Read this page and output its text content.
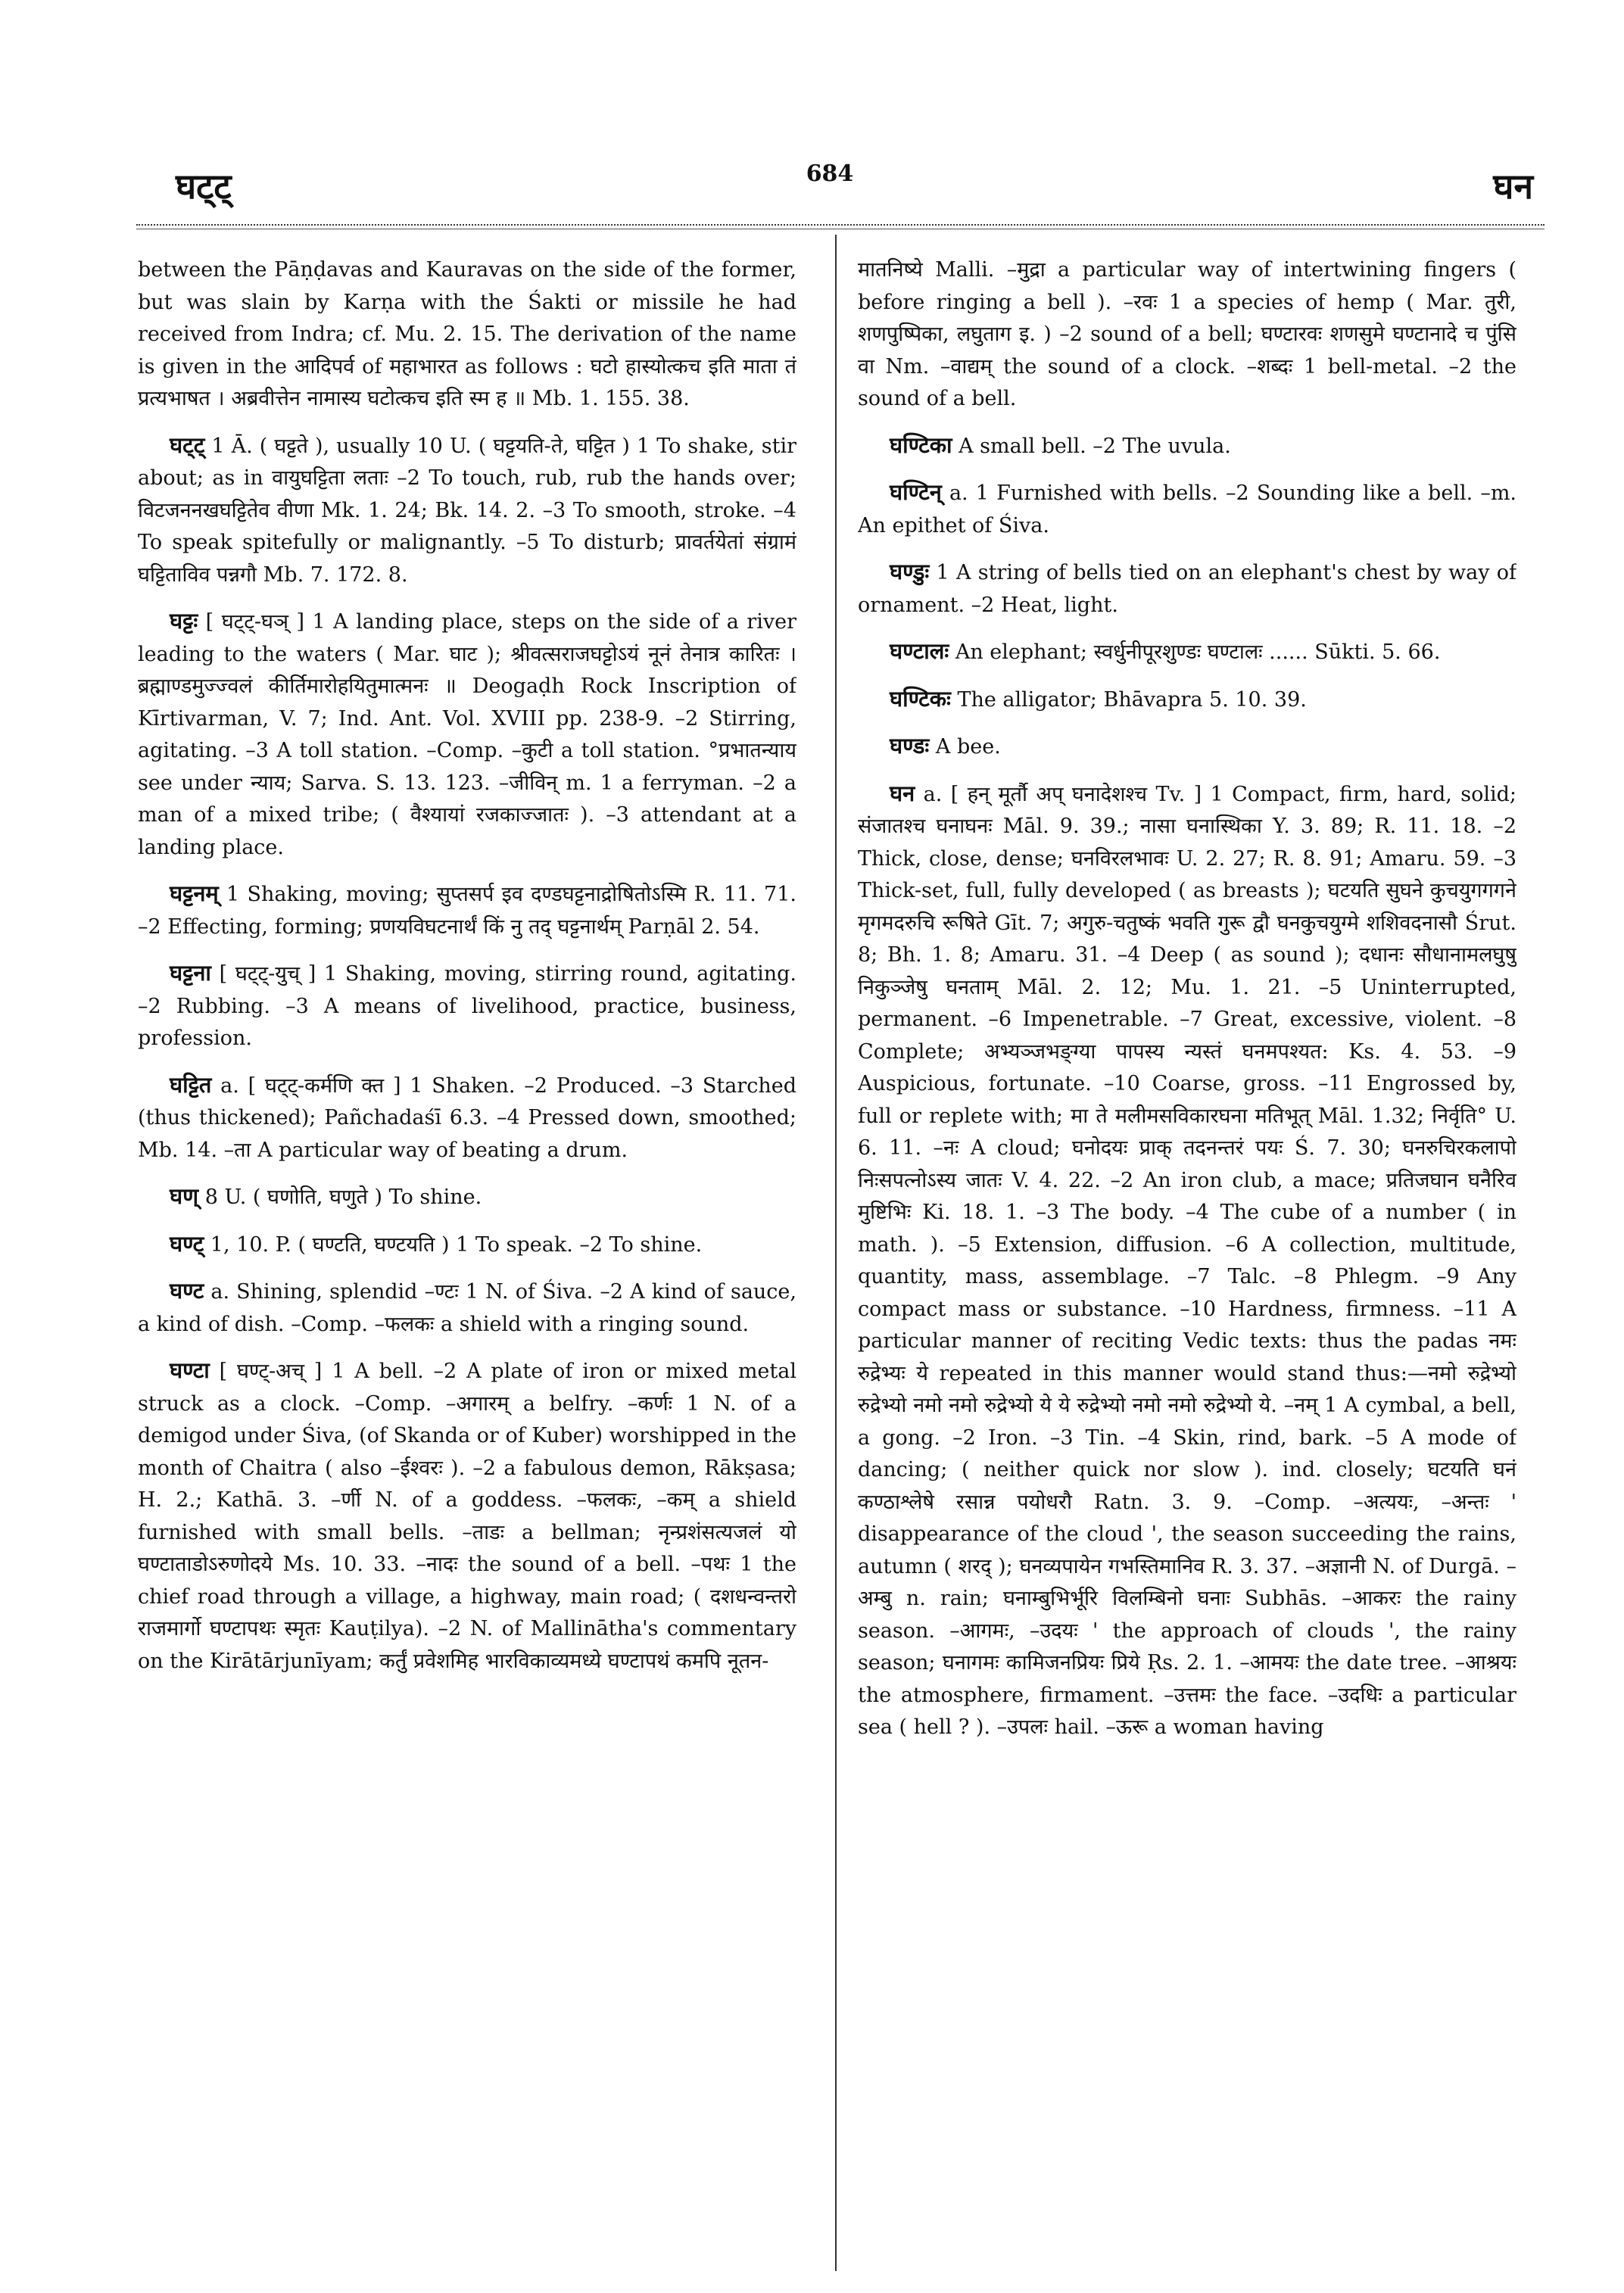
घट्ट्	684	घन

between the Pāṇḍavas and Kauravas on the side of the former, but was slain by Karṇa with the Śakti or missile he had received from Indra; cf. Mu. 2. 15. The derivation of the name is given in the आदिपर्व of महाभारत as follows : घटो हास्योत्कच इति माता तं प्रत्यभाषत । अब्रवीत्तेन नामास्य घटोत्कच इति स्म ह ॥ Mb. 1. 155. 38.

घट्ट् 1 Ā. ( घट्टते ), usually 10 U. ( घट्टयति-ते, घट्टित ) 1 To shake, stir about; as in वायुघट्टिता लताः –2 To touch, rub, rub the hands over; विटजननखघट्टितेव वीणा Mk. 1. 24; Bk. 14. 2. –3 To smooth, stroke. –4 To speak spitefully or malignantly. –5 To disturb; प्रावर्तयेतां संग्रामं घट्टिताविव पन्नगौ Mb. 7. 172. 8.

घट्टः [ घट्ट्-घञ् ] 1 A landing place, steps on the side of a river leading to the waters ( Mar. घाट ); श्रीवत्सराजघट्टोऽयं नूनं तेनात्र कारितः । ब्रह्माण्डमुज्ज्वलं कीर्तिमारोहयितुमात्मनः ॥ Deogaḍh Rock Inscription of Kīrtivarman, V. 7; Ind. Ant. Vol. XVIII pp. 238-9. –2 Stirring, agitating. –3 A toll station. –Comp. –कुटी a toll station. °प्रभातन्याय see under न्याय; Sarva. S. 13. 123. –जीविन् m. 1 a ferryman. –2 a man of a mixed tribe; ( वैश्यायां रजकाज्जातः ). –3 attendant at a landing place.

घट्टनम् 1 Shaking, moving; सुप्तसर्प इव दण्डघट्टनाद्रोषितोऽस्मि R. 11. 71. –2 Effecting, forming; प्रणयविघटनार्थं किं नु तद् घट्टनार्थम् Parṇāl 2. 54.

घट्टना [ घट्ट्-युच् ] 1 Shaking, moving, stirring round, agitating. –2 Rubbing. –3 A means of livelihood, practice, business, profession.

घट्टित a. [ घट्ट्-कर्मणि क्त ] 1 Shaken. –2 Produced. –3 Starched (thus thickened); Pañchadaśī 6.3. –4 Pressed down, smoothed; Mb. 14. –ता A particular way of beating a drum.

घण् 8 U. ( घणोति, घणुते ) To shine.

घण्ट् 1, 10. P. ( घण्टति, घण्टयति ) 1 To speak. –2 To shine.

घण्ट a. Shining, splendid –ण्टः 1 N. of Śiva. –2 A kind of sauce, a kind of dish. –Comp. –फलकः a shield with a ringing sound.

घण्टा [ घण्ट्-अच् ] 1 A bell. –2 A plate of iron or mixed metal struck as a clock. –Comp. –अगारम् a belfry. –कर्णः 1 N. of a demigod under Śiva, (of Skanda or of Kuber) worshipped in the month of Chaitra ( also –ईश्वरः ). –2 a fabulous demon, Rākṣasa; H. 2.; Kathā. 3. –र्णी N. of a goddess. –फलकः, –कम् a shield furnished with small bells. –ताडः a bellman; नृन्प्रशंसत्यजलं यो घण्टाताडोऽरुणोदये Ms. 10. 33. –नादः the sound of a bell. –पथः 1 the chief road through a village, a highway, main road; ( दशधन्वन्तरो राजमार्गो घण्टापथः स्मृतः Kauṭilya). –2 N. of Mallinātha's commentary on the Kirātārjunīyam; कर्तुं प्रवेशमिह भारविकाव्यमध्ये घण्टापथं कमपि नूतन-

मातनिष्ये Malli. –मुद्रा a particular way of intertwining fingers ( before ringing a bell ). –रवः 1 a species of hemp ( Mar. तुरी, शणपुष्पिका, लघुताग इ. ) –2 sound of a bell; घण्टारवः शणसुमे घण्टानादे च पुंसि वा Nm. –वाद्यम् the sound of a clock. –शब्दः 1 bell-metal. –2 the sound of a bell.

घण्टिका A small bell. –2 The uvula.

घण्टिन् a. 1 Furnished with bells. –2 Sounding like a bell. –m. An epithet of Śiva.

घण्डुः 1 A string of bells tied on an elephant's chest by way of ornament. –2 Heat, light.

घण्टालः An elephant; स्वर्धुनीपूरशुण्डः घण्टालः ...... Sūkti. 5. 66.

घण्टिकः The alligator; Bhāvapra 5. 10. 39.

घण्डः A bee.

घन a. [ हन् मूर्तौ अप् घनादेशश्च Tv. ] 1 Compact, firm, hard, solid; संजातश्च घनाघनः Māl. 9. 39.; नासा घनास्थिका Y. 3. 89; R. 11. 18. –2 Thick, close, dense; घनविरलभावः U. 2. 27; R. 8. 91; Amaru. 59. –3 Thick-set, full, fully developed ( as breasts ); घटयति सुघने कुचयुगगगने मृगमदरुचि रूषिते Gīt. 7; अगुरु-चतुष्कं भवति गुरू द्वौ घनकुचयुग्मे शशिवदनासौ Śrut. 8; Bh. 1. 8; Amaru. 31. –4 Deep ( as sound ); दधानः सौधानामलघुषु निकुञ्जेषु घनताम् Māl. 2. 12; Mu. 1. 21. –5 Uninterrupted, permanent. –6 Impenetrable. –7 Great, excessive, violent. –8 Complete; अभ्यञ्जभङ्ग्या पापस्य न्यस्तं घनमपश्यत: Ks. 4. 53. –9 Auspicious, fortunate. –10 Coarse, gross. –11 Engrossed by, full or replete with; मा ते मलीमसविकारघना मतिभूत् Māl. 1.32; निर्वृति° U. 6. 11. –नः A cloud; घनोदयः प्राक् तदनन्तरं पयः Ś. 7. 30; घनरुचिरकलापो निःसपत्नोऽस्य जातः V. 4. 22. –2 An iron club, a mace; प्रतिजघान घनैरिव मुष्टिभिः Ki. 18. 1. –3 The body. –4 The cube of a number ( in math. ). –5 Extension, diffusion. –6 A collection, multitude, quantity, mass, assemblage. –7 Talc. –8 Phlegm. –9 Any compact mass or substance. –10 Hardness, firmness. –11 A particular manner of reciting Vedic texts: thus the padas नमः रुद्रेभ्यः ये repeated in this manner would stand thus:—नमो रुद्रेभ्यो रुद्रेभ्यो नमो नमो रुद्रेभ्यो ये ये रुद्रेभ्यो नमो नमो रुद्रेभ्यो ये. –नम् 1 A cymbal, a bell, a gong. –2 Iron. –3 Tin. –4 Skin, rind, bark. –5 A mode of dancing; ( neither quick nor slow ). ind. closely; घटयति घनं कण्ठाश्लेषे रसान्न पयोधरौ Ratn. 3. 9. –Comp. –अत्ययः, –अन्तः ' disappearance of the cloud ', the season succeeding the rains, autumn ( शरद् ); घनव्यपायेन गभस्तिमानिव R. 3. 37. –अज्ञानी N. of Durgā. –अम्बु n. rain; घनाम्बुभिर्भूरि विलम्बिनो घनाः Subhās. –आकरः the rainy season. –आगमः, –उदयः ' the approach of clouds ', the rainy season; घनागमः कामिजनप्रियः प्रिये Ṛs. 2. 1. –आमयः the date tree. –आश्रयः the atmosphere, firmament. –उत्तमः the face. –उदधिः a particular sea ( hell ? ). –उपलः hail. –ऊरू a woman having
